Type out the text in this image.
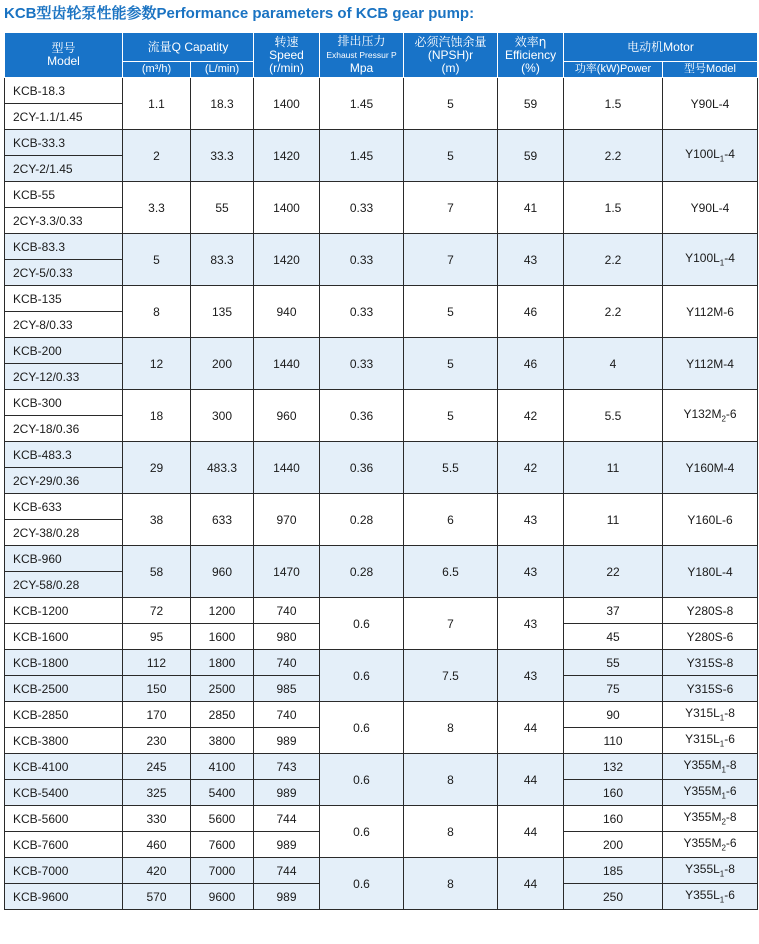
KCB型齿轮泵性能参数Performance parameters of KCB gear pump:
型号
Model	流量Q Capatity		转速
Speed
(r/min)	排出压力
Exhaust Pressur P
Mpa	必须汽蚀余量
(NPSH)r
(m)	效率η
Efficiency
(%)	电动机Motor	
	(m³/h)	(L/min)					功率(kW)Power	型号Model
KCB-18.3	1.1	18.3	1400	1.45	5	59	1.5	Y90L-4
2CY-1.1/1.45								
KCB-33.3	2	33.3	1420	1.45	5	59	2.2	$Y100L_1-4$
2CY-2/1.45								
KCB-55	3.3	55	1400	0.33	7	41	1.5	Y90L-4
2CY-3.3/0.33								
KCB-83.3	5	83.3	1420	0.33	7	43	2.2	$Y100L_1-4$
2CY-5/0.33								
KCB-135	8	135	940	0.33	5	46	2.2	Y112M-6
2CY-8/0.33								
KCB-200	12	200	1440	0.33	5	46	4	Y112M-4
2CY-12/0.33								
KCB-300	18	300	960	0.36	5	42	5.5	$Y132M_2-6$
2CY-18/0.36								
KCB-483.3	29	483.3	1440	0.36	5.5	42	11	Y160M-4
2CY-29/0.36								
KCB-633	38	633	970	0.28	6	43	11	Y160L-6
2CY-38/0.28								
KCB-960	58	960	1470	0.28	6.5	43	22	Y180L-4
2CY-58/0.28								
KCB-1200	72	1200	740	0.6	7	43	37	Y280S-8
KCB-1600	95	1600	980				45	Y280S-6
KCB-1800	112	1800	740	0.6	7.5	43	55	Y315S-8
KCB-2500	150	2500	985				75	Y315S-6
KCB-2850	170	2850	740	0.6	8	44	90	$Y315L_1-8$
KCB-3800	230	3800	989				110	$Y315L_1-6$
KCB-4100	245	4100	743	0.6	8	44	132	$Y355M_1-8$
KCB-5400	325	5400	989				160	$Y355M_1-6$
KCB-5600	330	5600	744	0.6	8	44	160	$Y355M_2-8$
KCB-7600	460	7600	989				200	$Y355M_2-6$
KCB-7000	420	7000	744	0.6	8	44	185	$Y355L_1-8$
KCB-9600	570	9600	989				250	$Y355L_1-6$
